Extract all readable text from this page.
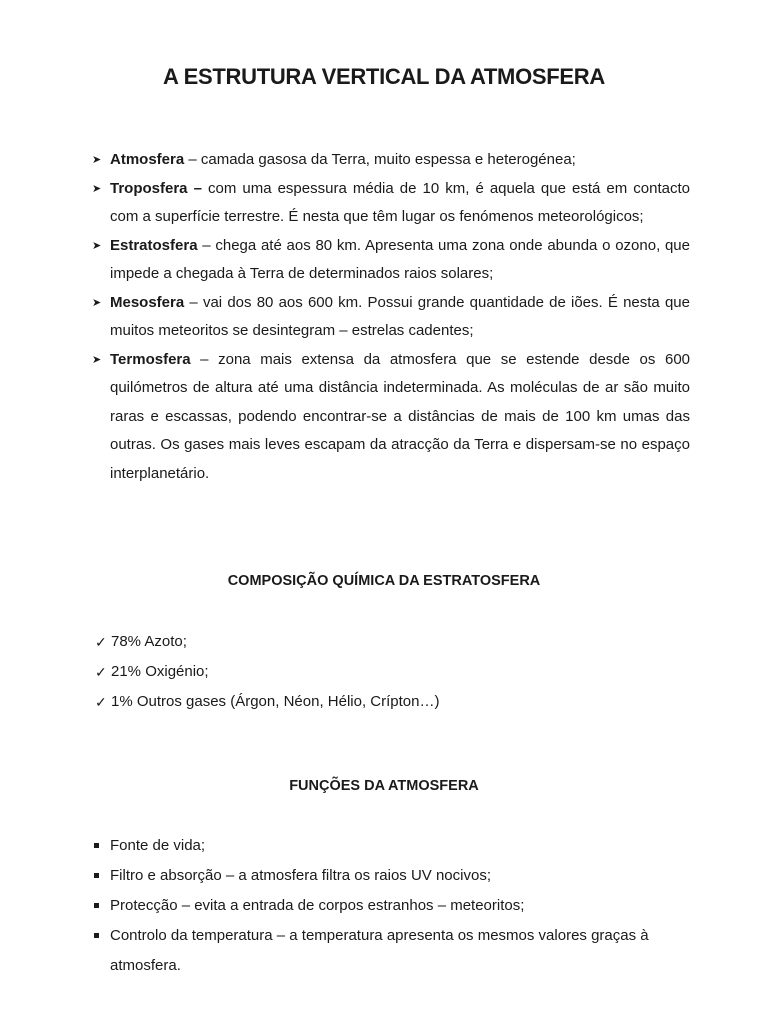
A ESTRUTURA VERTICAL DA ATMOSFERA
➤ Atmosfera – camada gasosa da Terra, muito espessa e heterogénea;
➤ Troposfera – com uma espessura média de 10 km, é aquela que está em contacto com a superfície terrestre. É nesta que têm lugar os fenómenos meteorológicos;
➤ Estratosfera – chega até aos 80 km. Apresenta uma zona onde abunda o ozono, que impede a chegada à Terra de determinados raios solares;
➤ Mesosfera – vai dos 80 aos 600 km. Possui grande quantidade de iões. É nesta que muitos meteoritos se desintegram – estrelas cadentes;
➤ Termosfera – zona mais extensa da atmosfera que se estende desde os 600 quilómetros de altura até uma distância indeterminada. As moléculas de ar são muito raras e escassas, podendo encontrar-se a distâncias de mais de 100 km umas das outras. Os gases mais leves escapam da atracção da Terra e dispersam-se no espaço interplanetário.
COMPOSIÇÃO QUÍMICA DA ESTRATOSFERA
✓ 78% Azoto;
✓ 21% Oxigénio;
✓ 1% Outros gases (Árgon, Néon, Hélio, Crípton…)
FUNÇÕES DA ATMOSFERA
Fonte de vida;
Filtro e absorção – a atmosfera filtra os raios UV nocivos;
Protecção – evita a entrada de corpos estranhos – meteoritos;
Controlo da temperatura – a temperatura apresenta os mesmos valores graças à atmosfera.
